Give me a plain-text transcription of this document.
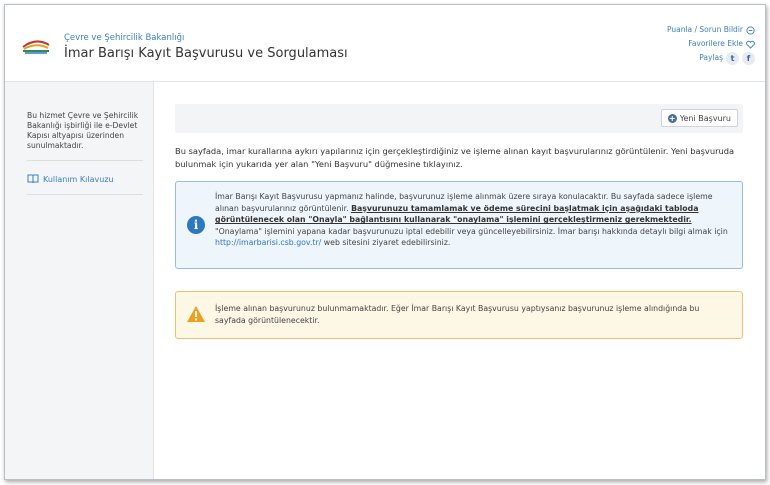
Çevre ve Şehircilik Bakanlığı
İmar Barışı Kayıt Başvurusu ve Sorgulaması
Puanla / Sorun Bildir
Favorilere Ekle
Paylaş t	f
Bu hizmet Çevre ve Şehircilik Bakanlığı işbirliği ile e-Devlet Kapısı altyapısı üzerinden sunulmaktadır.
Kullanım Kılavuzu
+ Yeni Başvuru
Bu sayfada, imar kurallarına aykırı yapılarınız için gerçekleştirdiğiniz ve işleme alınan kayıt başvurularınız görüntülenir. Yeni başvuruda bulunmak için yukarıda yer alan "Yeni Başvuru" düğmesine tıklayınız.
i
İmar Barışı Kayıt Başvurusu yapmanız halinde, başvurunuz işleme alınmak üzere sıraya konulacaktır. Bu sayfada sadece işleme alınan başvurularınız görüntülenir. Başvurunuzu tamamlamak ve ödeme sürecini başlatmak için aşağıdaki tabloda görüntülenecek olan "Onayla" bağlantısını kullanarak "onaylama" işlemini gerçekleştirmeniz gerekmektedir. "Onaylama" işlemini yapana kadar başvurunuzu iptal edebilir veya güncelleyebilirsiniz. İmar barışı hakkında detaylı bilgi almak için http://imarbarisi.csb.gov.tr/ web sitesini ziyaret edebilirsiniz.
İşleme alınan başvurunuz bulunmamaktadır. Eğer İmar Barışı Kayıt Başvurusu yaptıysanız başvurunuz işleme alındığında bu sayfada görüntülenecektir.
